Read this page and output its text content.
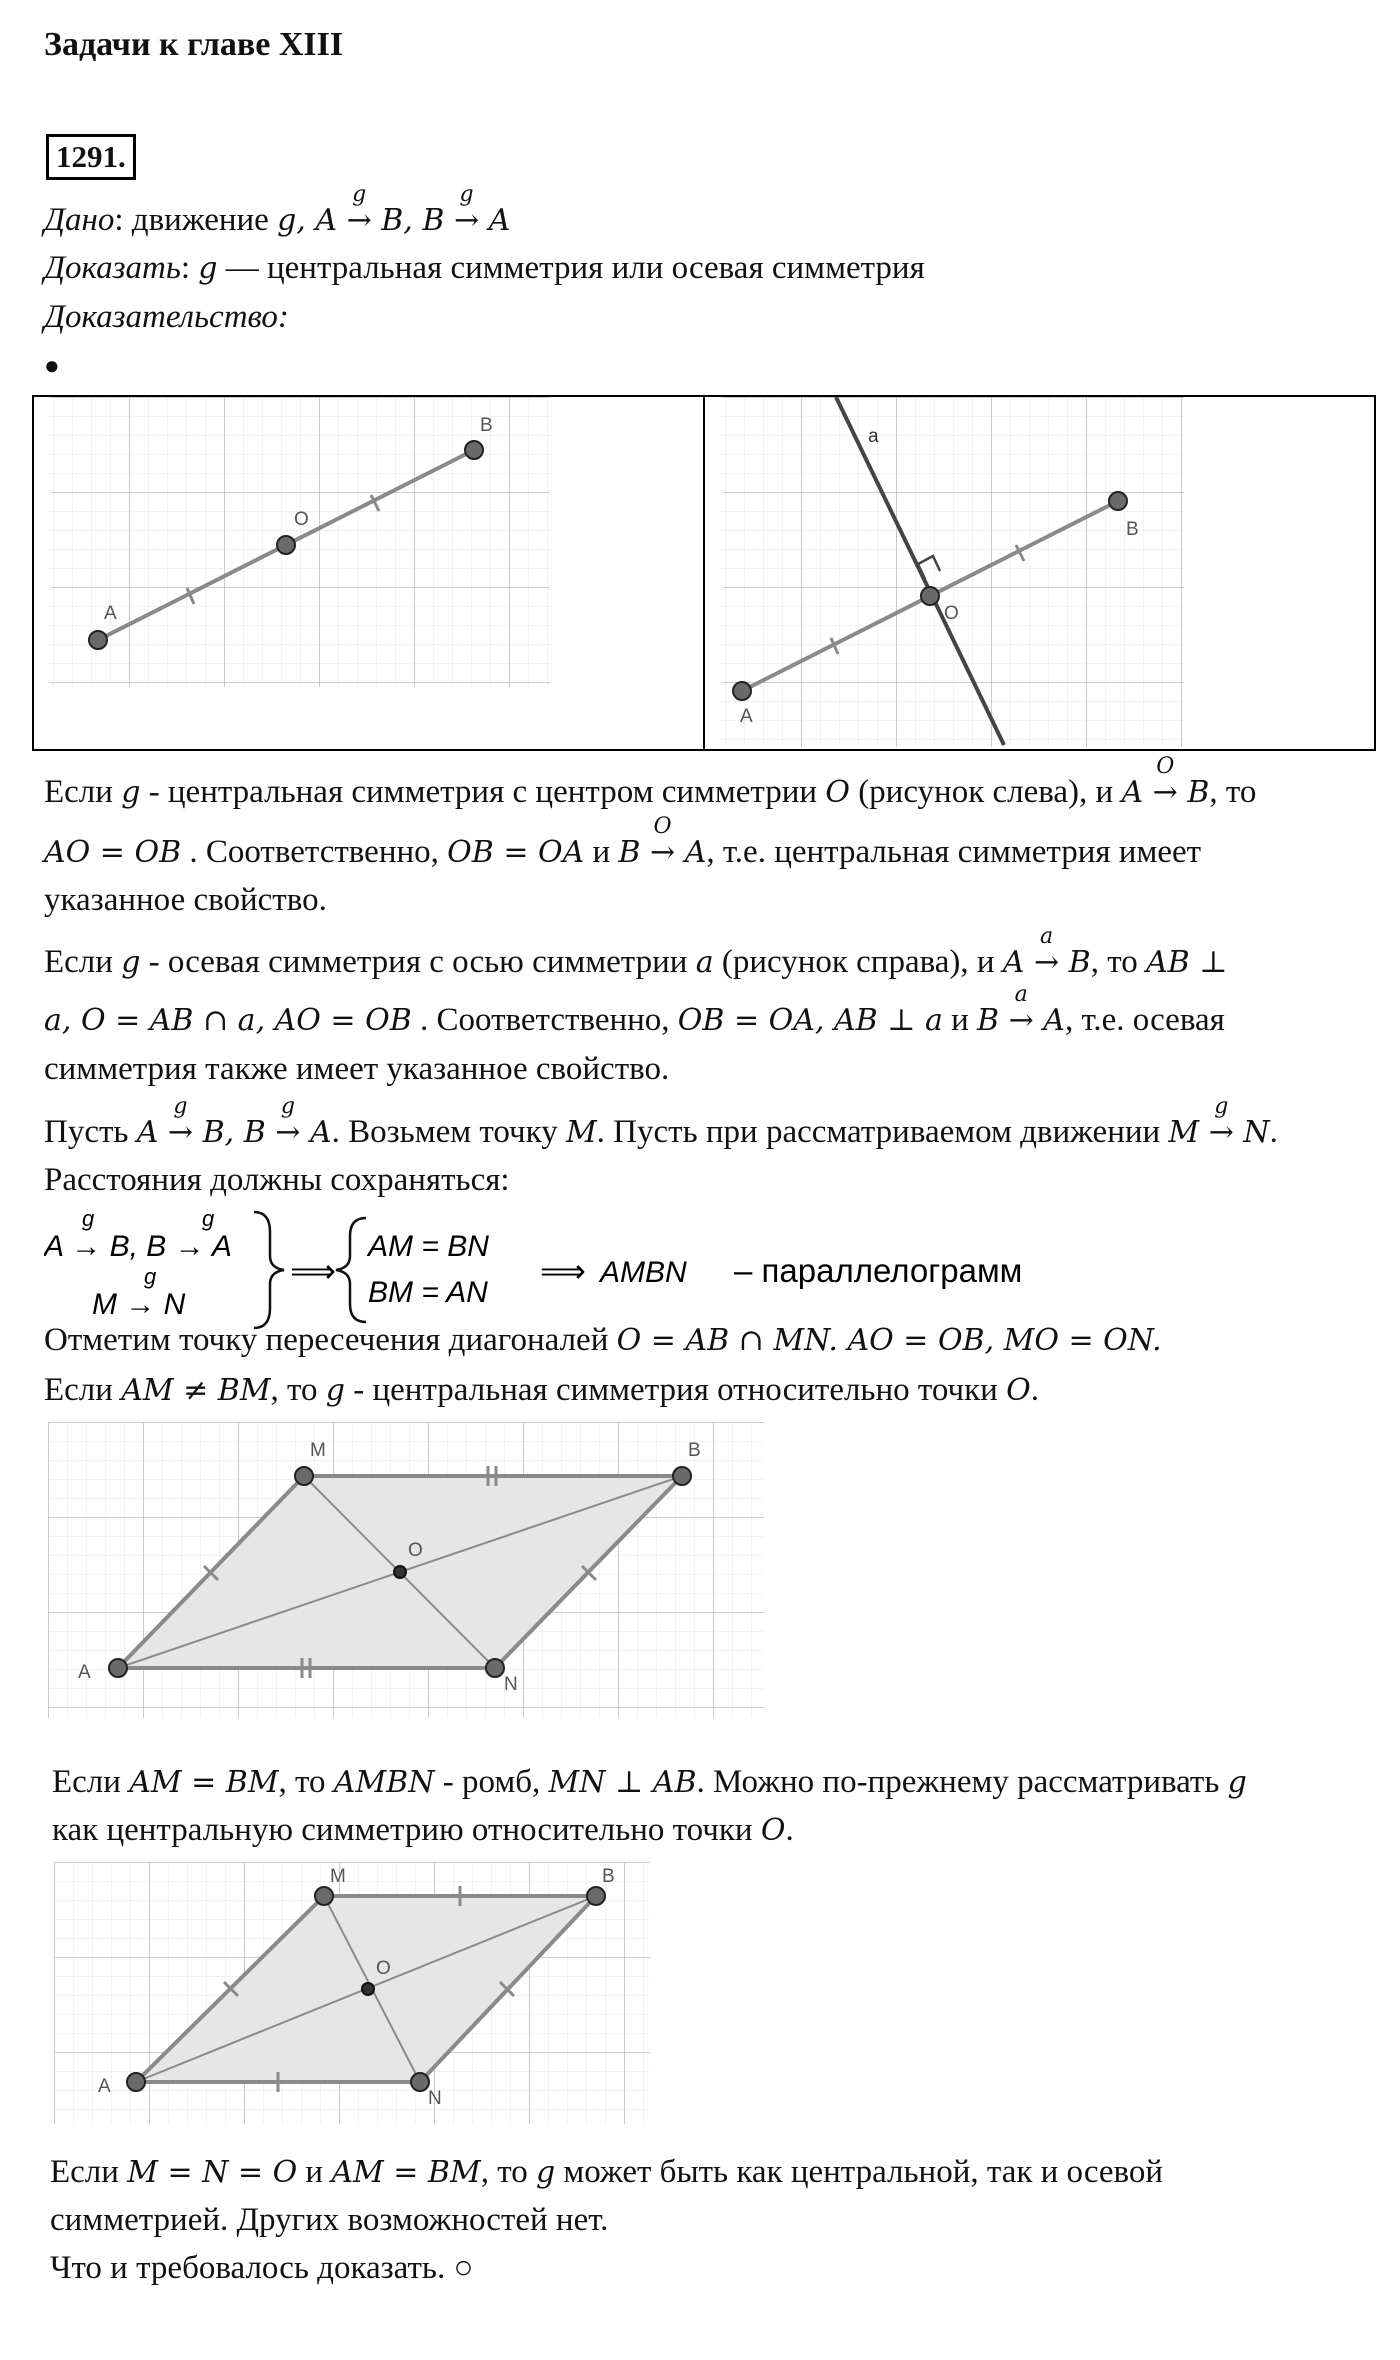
Задачи к главе XIII
1291.
Дано: движение g, A
g
→ B, B
g
→ A
Доказать: g — центральная симметрия или осевая симметрия
Доказательство:
●
A
O
B
A
O
B
a
Если g - центральная симметрия с центром симметрии O (рисунок слева), и A
O
→ B, то
AO = OB . Соответственно, OB = OA и B
O
→ A, т.е. центральная симметрия имеет
указанное свойство.
Если g - осевая симметрия с осью симметрии a (рисунок справа), и A
a
→ B, то AB ⊥
a, O = AB ∩ a, AO = OB . Соответственно, OB = OA, AB ⊥ a и B
a
→ A, т.е. осевая
симметрия также имеет указанное свойство.
Пусть A
g
→ B, B
g
→ A. Возьмем точку M. Пусть при рассматриваемом движении M
g
→ N.
Расстояния должны сохраняться:
A → B, B → A
g	g
M → N
g	⟹
AM = BN
BM = AN
⟹ AMBN – параллелограмм
Отметим точку пересечения диагоналей O = AB ∩ MN. AO = OB, MO = ON.
Если AM ≠ BM, то g - центральная симметрия относительно точки O.
A
M
O
B
N
Если AM = BM, то AMBN - ромб, MN ⊥ AB. Можно по-прежнему рассматривать g
как центральную симметрию относительно точки O.
A
M
O
B
N
Если M = N = O и AM = BM, то g может быть как центральной, так и осевой
симметрией. Других возможностей нет.
Что и требовалось доказать. ○
